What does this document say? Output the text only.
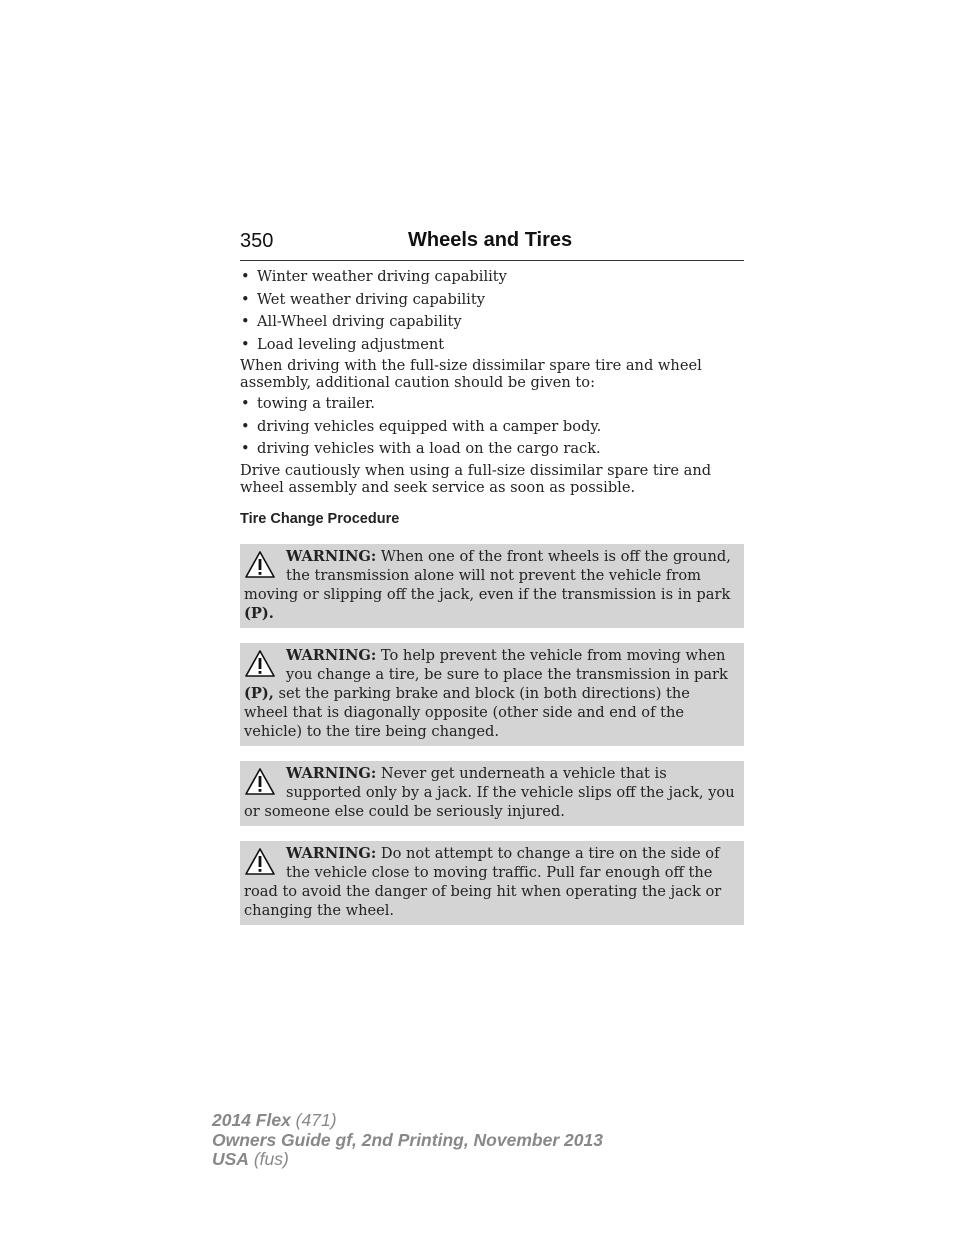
350	Wheels and Tires
• Winter weather driving capability
• Wet weather driving capability
• All-Wheel driving capability
• Load leveling adjustment

When driving with the full-size dissimilar spare tire and wheel assembly, additional caution should be given to:

• towing a trailer.
• driving vehicles equipped with a camper body.
• driving vehicles with a load on the cargo rack.

Drive cautiously when using a full-size dissimilar spare tire and wheel assembly and seek service as soon as possible.

Tire Change Procedure
WARNING: When one of the front wheels is off the ground, the transmission alone will not prevent the vehicle from moving or slipping off the jack, even if the transmission is in park (P).
WARNING: To help prevent the vehicle from moving when you change a tire, be sure to place the transmission in park (P), set the parking brake and block (in both directions) the wheel that is diagonally opposite (other side and end of the vehicle) to the tire being changed.
WARNING: Never get underneath a vehicle that is supported only by a jack. If the vehicle slips off the jack, you or someone else could be seriously injured.
WARNING: Do not attempt to change a tire on the side of the vehicle close to moving traffic. Pull far enough off the road to avoid the danger of being hit when operating the jack or changing the wheel.
2014 Flex (471)
Owners Guide gf, 2nd Printing, November 2013
USA (fus)
